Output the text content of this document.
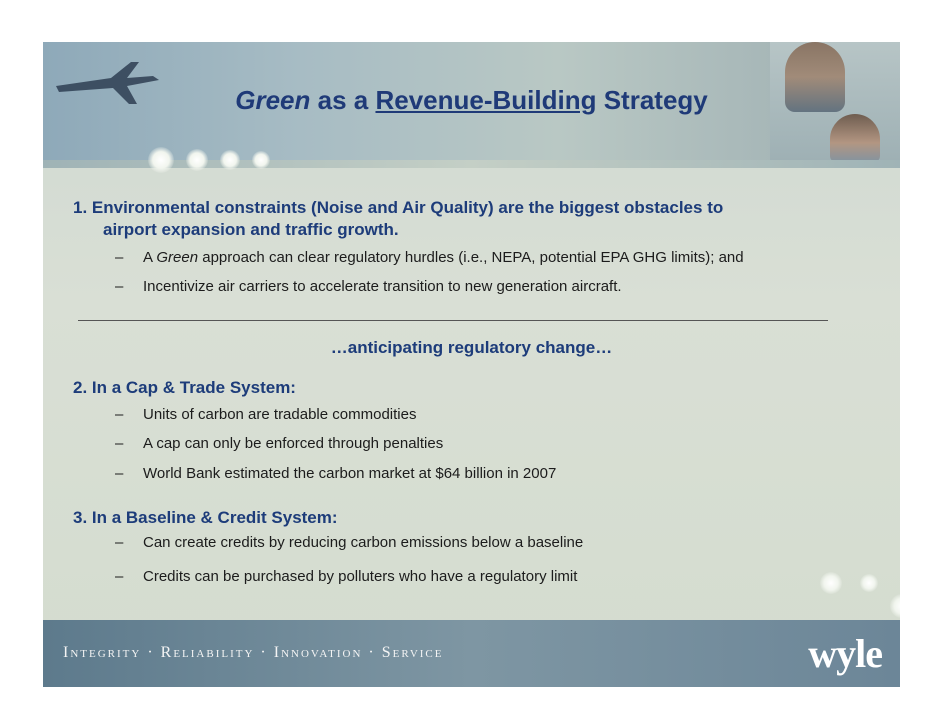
Green as a Revenue-Building Strategy
1. Environmental constraints (Noise and Air Quality) are the biggest obstacles to
airport expansion and traffic growth.
– A Green approach can clear regulatory hurdles (i.e., NEPA, potential EPA GHG limits); and
– Incentivize air carriers to accelerate transition to new generation aircraft.
…anticipating regulatory change…
2. In a Cap & Trade System:
– Units of carbon are tradable commodities
– A cap can only be enforced through penalties
– World Bank estimated the carbon market at $64 billion in 2007
3. In a Baseline & Credit System:
– Can create credits by reducing carbon emissions below a baseline
– Credits can be purchased by polluters who have a regulatory limit
Integrity · Reliability · Innovation · Service	wyle
